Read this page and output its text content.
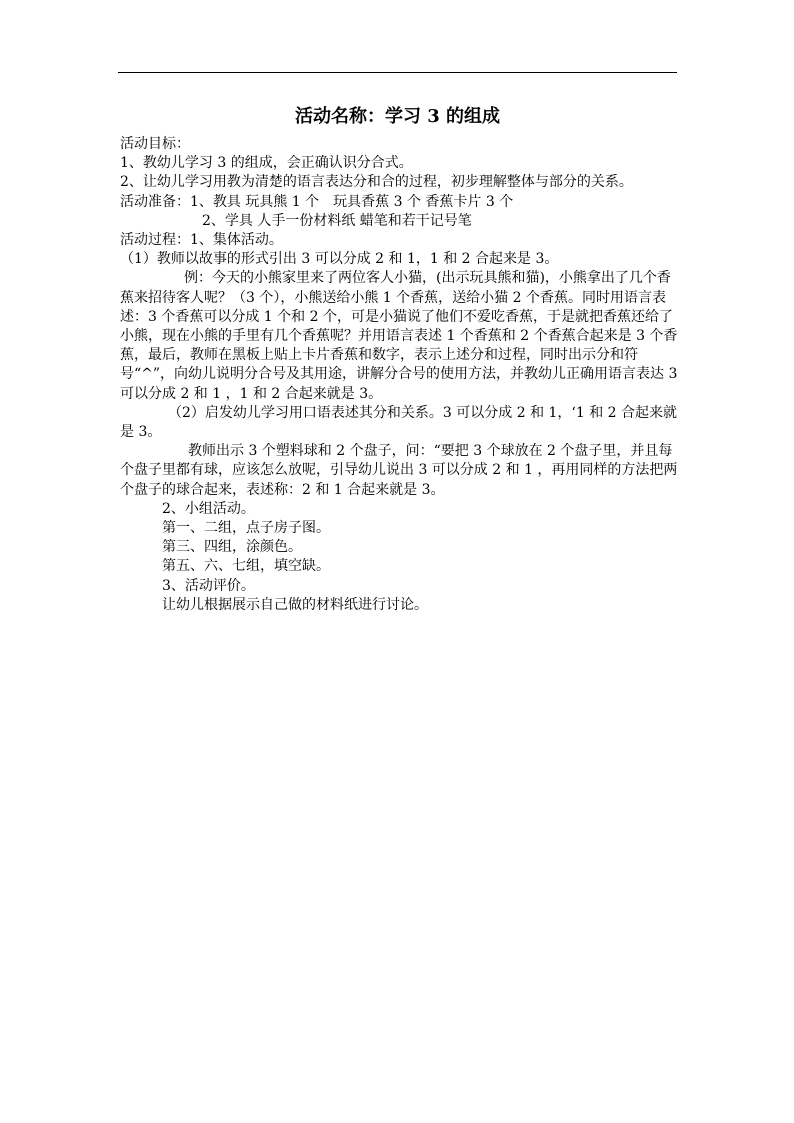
活动名称：学习 3 的组成

活动目标：

1、教幼儿学习 3 的组成，会正确认识分合式。

2、让幼儿学习用教为清楚的语言表达分和合的过程，初步理解整体与部分的关系。

活动准备：1、教具 玩具熊 1 个　玩具香蕉 3 个 香蕉卡片 3 个

2、学具 人手一份材料纸 蜡笔和若干记号笔

活动过程：1、集体活动。

（1）教师以故事的形式引出 3 可以分成 2 和 1，1 和 2 合起来是 3。

例：今天的小熊家里来了两位客人小猫，(出示玩具熊和猫)，小熊拿出了几个香蕉来招待客人呢？（3 个），小熊送给小熊 1 个香蕉，送给小猫 2 个香蕉。同时用语言表述：3 个香蕉可以分成 1 个和 2 个，可是小猫说了他们不爱吃香蕉，于是就把香蕉还给了小熊，现在小熊的手里有几个香蕉呢？并用语言表述 1 个香蕉和 2 个香蕉合起来是 3 个香蕉，最后，教师在黑板上贴上卡片香蕉和数字，表示上述分和过程，同时出示分和符号“^”，向幼儿说明分合号及其用途，讲解分合号的使用方法，并教幼儿正确用语言表达 3 可以分成 2 和 1 ，1 和 2 合起来就是 3。

（2）启发幼儿学习用口语表述其分和关系。3 可以分成 2 和 1，‘1 和 2 合起来就是 3。

教师出示 3 个塑料球和 2 个盘子，问：“要把 3 个球放在 2 个盘子里，并且每个盘子里都有球，应该怎么放呢，引导幼儿说出 3 可以分成 2 和 1 ，再用同样的方法把两个盘子的球合起来，表述称：2 和 1 合起来就是 3。

2、小组活动。

第一、二组，点子房子图。

第三、四组，涂颜色。

第五、六、七组，填空缺。

3、活动评价。

让幼儿根据展示自己做的材料纸进行讨论。
